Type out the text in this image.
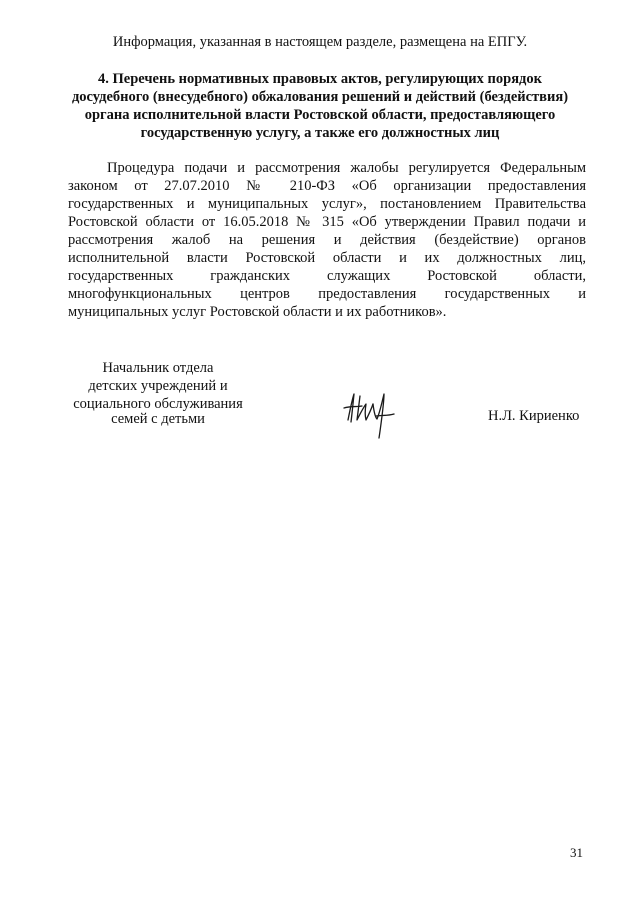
Информация, указанная в настоящем разделе, размещена на ЕПГУ.
4. Перечень нормативных правовых актов, регулирующих порядок
досудебного (внесудебного) обжалования решений и действий (бездействия)
органа исполнительной власти Ростовской области, предоставляющего
государственную услугу, а также его должностных лиц
Процедура подачи и рассмотрения жалобы регулируется Федеральным
законом от 27.07.2010 № 210-ФЗ «Об организации предоставления
государственных и муниципальных услуг», постановлением Правительства
Ростовской области от 16.05.2018 № 315 «Об утверждении Правил подачи и
рассмотрения жалоб на решения и действия (бездействие) органов
исполнительной власти Ростовской области и их должностных лиц,
государственных гражданских служащих Ростовской области,
многофункциональных центров предоставления государственных и
муниципальных услуг Ростовской области и их работников».
Начальник отдела
детских учреждений и
социального обслуживания
семей с детьми	Н.Л. Кириенко
31
